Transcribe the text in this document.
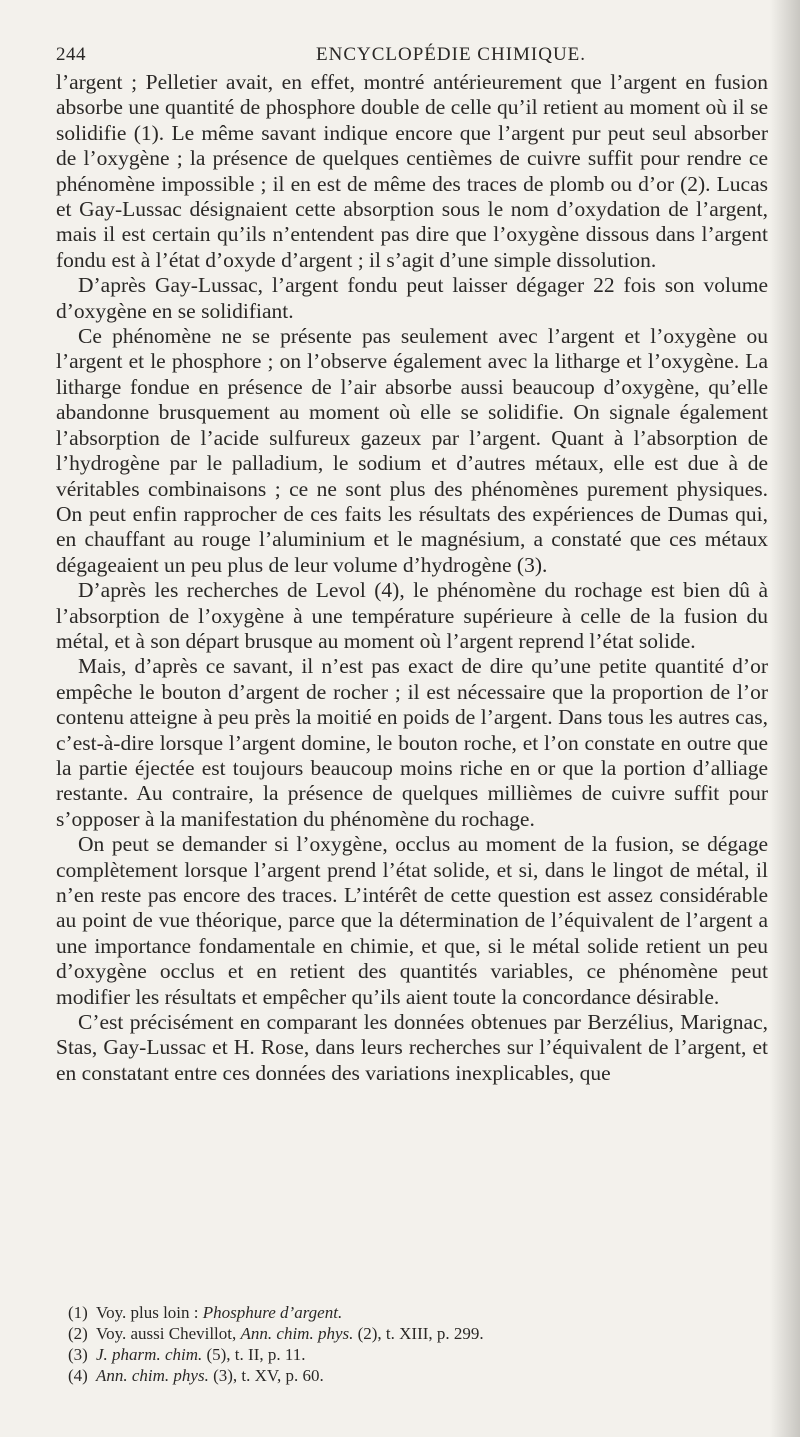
244	ENCYCLOPÉDIE CHIMIQUE.

l’argent ; Pelletier avait, en effet, montré antérieurement que l’argent en fusion absorbe une quantité de phosphore double de celle qu’il retient au moment où il se solidifie (1). Le même savant indique encore que l’argent pur peut seul absorber de l’oxygène ; la présence de quelques centièmes de cuivre suffit pour rendre ce phénomène impossible ; il en est de même des traces de plomb ou d’or (2). Lucas et Gay-Lussac désignaient cette absorption sous le nom d’oxydation de l’argent, mais il est certain qu’ils n’entendent pas dire que l’oxygène dissous dans l’argent fondu est à l’état d’oxyde d’argent ; il s’agit d’une simple dissolution.

D’après Gay-Lussac, l’argent fondu peut laisser dégager 22 fois son volume d’oxygène en se solidifiant.

Ce phénomène ne se présente pas seulement avec l’argent et l’oxygène ou l’argent et le phosphore ; on l’observe également avec la litharge et l’oxygène. La litharge fondue en présence de l’air absorbe aussi beaucoup d’oxygène, qu’elle abandonne brusquement au moment où elle se solidifie. On signale également l’absorption de l’acide sulfureux gazeux par l’argent. Quant à l’absorption de l’hydrogène par le palladium, le sodium et d’autres métaux, elle est due à de véritables combinaisons ; ce ne sont plus des phénomènes purement physiques. On peut enfin rapprocher de ces faits les résultats des expériences de Dumas qui, en chauffant au rouge l’aluminium et le magnésium, a constaté que ces métaux dégageaient un peu plus de leur volume d’hydrogène (3).

D’après les recherches de Levol (4), le phénomène du rochage est bien dû à l’absorption de l’oxygène à une température supérieure à celle de la fusion du métal, et à son départ brusque au moment où l’argent reprend l’état solide.

Mais, d’après ce savant, il n’est pas exact de dire qu’une petite quantité d’or empêche le bouton d’argent de rocher ; il est nécessaire que la proportion de l’or contenu atteigne à peu près la moitié en poids de l’argent. Dans tous les autres cas, c’est-à-dire lorsque l’argent domine, le bouton roche, et l’on constate en outre que la partie éjectée est toujours beaucoup moins riche en or que la portion d’alliage restante. Au contraire, la présence de quelques millièmes de cuivre suffit pour s’opposer à la manifestation du phénomène du rochage.

On peut se demander si l’oxygène, occlus au moment de la fusion, se dégage complètement lorsque l’argent prend l’état solide, et si, dans le lingot de métal, il n’en reste pas encore des traces. L’intérêt de cette question est assez considérable au point de vue théorique, parce que la détermination de l’équivalent de l’argent a une importance fondamentale en chimie, et que, si le métal solide retient un peu d’oxygène occlus et en retient des quantités variables, ce phénomène peut modifier les résultats et empêcher qu’ils aient toute la concordance désirable.

C’est précisément en comparant les données obtenues par Berzélius, Marignac, Stas, Gay-Lussac et H. Rose, dans leurs recherches sur l’équivalent de l’argent, et en constatant entre ces données des variations inexplicables, que

(1) Voy. plus loin : Phosphure d’argent.

(2) Voy. aussi Chevillot, Ann. chim. phys. (2), t. XIII, p. 299.

(3) J. pharm. chim. (5), t. II, p. 11.

(4) Ann. chim. phys. (3), t. XV, p. 60.
